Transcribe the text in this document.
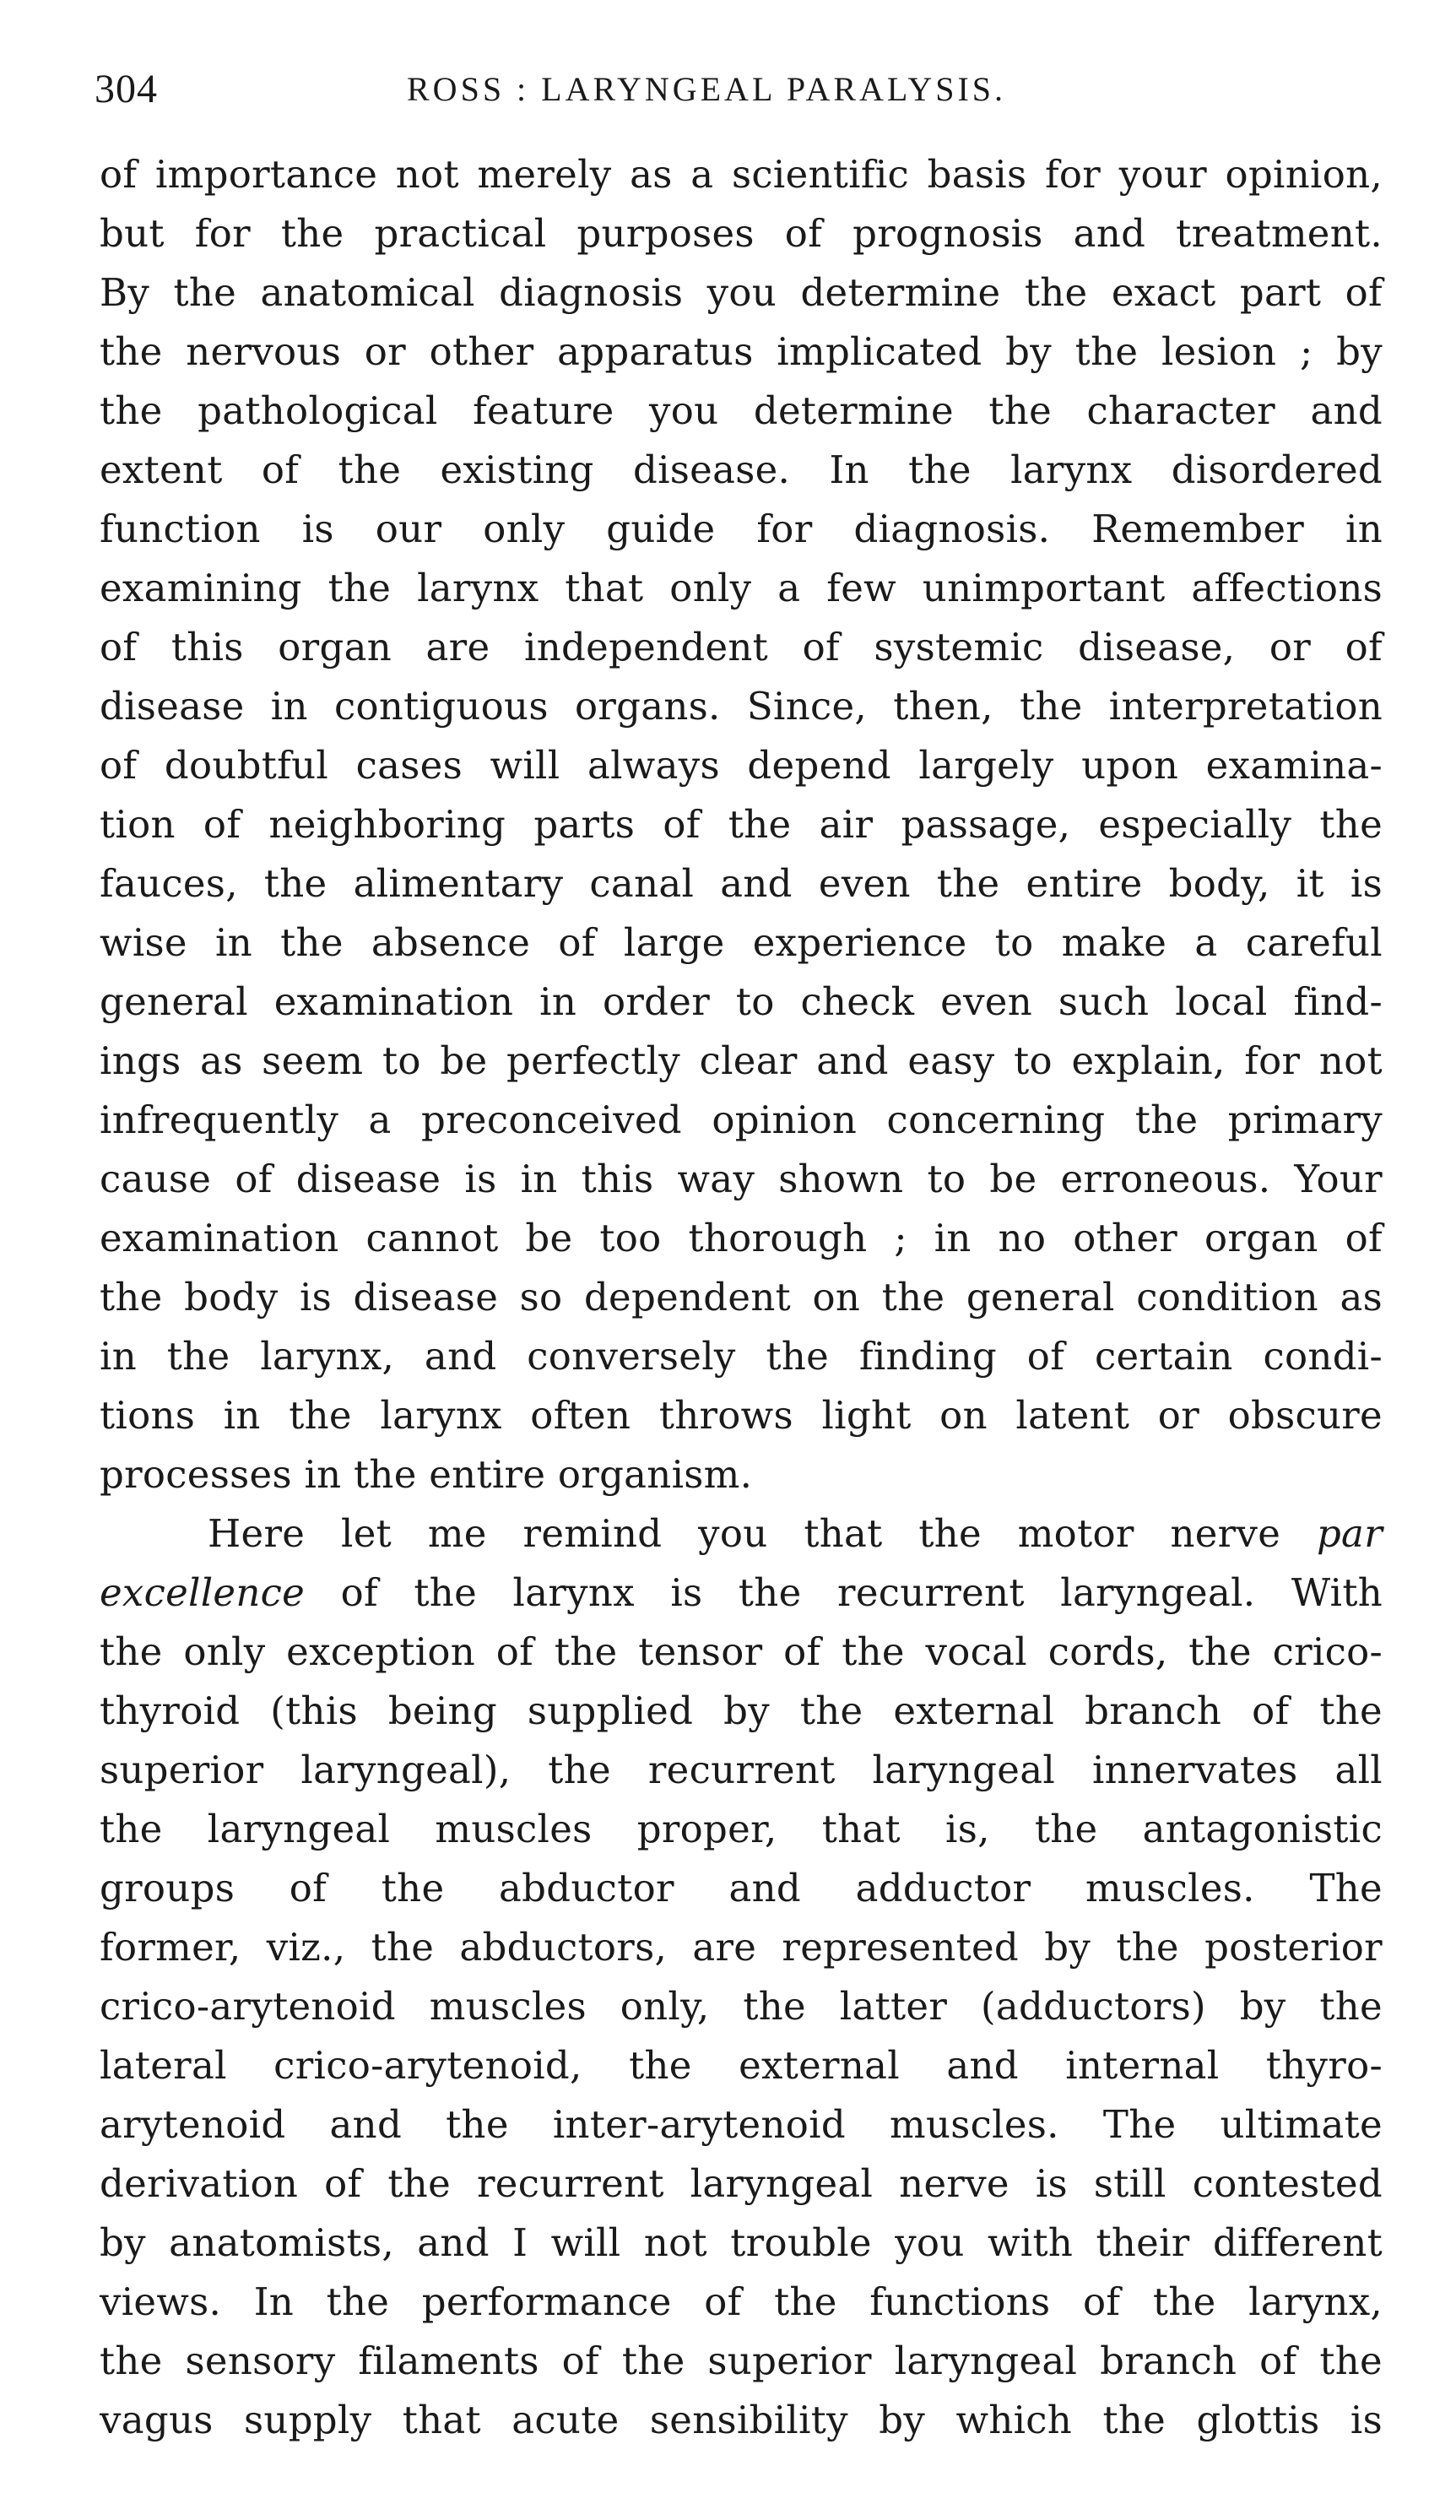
304	ROSS : LARYNGEAL PARALYSIS.
of importance not merely as a scientific basis for your opinion,
but for the practical purposes of prognosis and treatment.
By the anatomical diagnosis you determine the exact part of
the nervous or other apparatus implicated by the lesion ; by
the pathological feature you determine the character and
extent of the existing disease. In the larynx disordered
function is our only guide for diagnosis. Remember in
examining the larynx that only a few unimportant affections
of this organ are independent of systemic disease, or of
disease in contiguous organs. Since, then, the interpretation
of doubtful cases will always depend largely upon examina-
tion of neighboring parts of the air passage, especially the
fauces, the alimentary canal and even the entire body, it is
wise in the absence of large experience to make a careful
general examination in order to check even such local find-
ings as seem to be perfectly clear and easy to explain, for not
infrequently a preconceived opinion concerning the primary
cause of disease is in this way shown to be erroneous. Your
examination cannot be too thorough ; in no other organ of
the body is disease so dependent on the general condition as
in the larynx, and conversely the finding of certain condi-
tions in the larynx often throws light on latent or obscure
processes in the entire organism.
Here let me remind you that the motor nerve par
excellence of the larynx is the recurrent laryngeal. With
the only exception of the tensor of the vocal cords, the crico-
thyroid (this being supplied by the external branch of the
superior laryngeal), the recurrent laryngeal innervates all
the laryngeal muscles proper, that is, the antagonistic
groups of the abductor and adductor muscles. The
former, viz., the abductors, are represented by the posterior
crico-arytenoid muscles only, the latter (adductors) by the
lateral crico-arytenoid, the external and internal thyro-
arytenoid and the inter-arytenoid muscles. The ultimate
derivation of the recurrent laryngeal nerve is still contested
by anatomists, and I will not trouble you with their different
views. In the performance of the functions of the larynx,
the sensory filaments of the superior laryngeal branch of the
vagus supply that acute sensibility by which the glottis is
